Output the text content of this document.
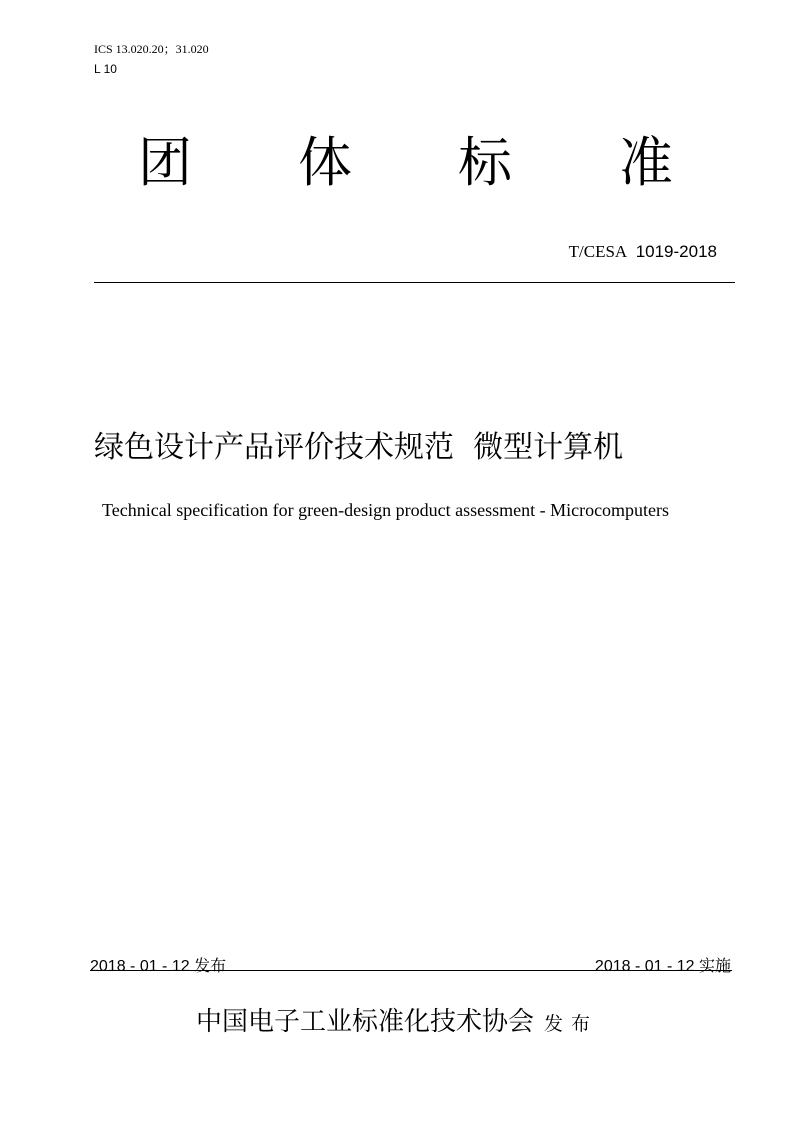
ICS 13.020.20；31.020
L 10
团 体 标 准
T/CESA 1019-2018
绿色设计产品评价技术规范  微型计算机
Technical specification for green-design product assessment - Microcomputers
2018 - 01 - 12 发布	2018 - 01 - 12 实施
中国电子工业标准化技术协会 发布
